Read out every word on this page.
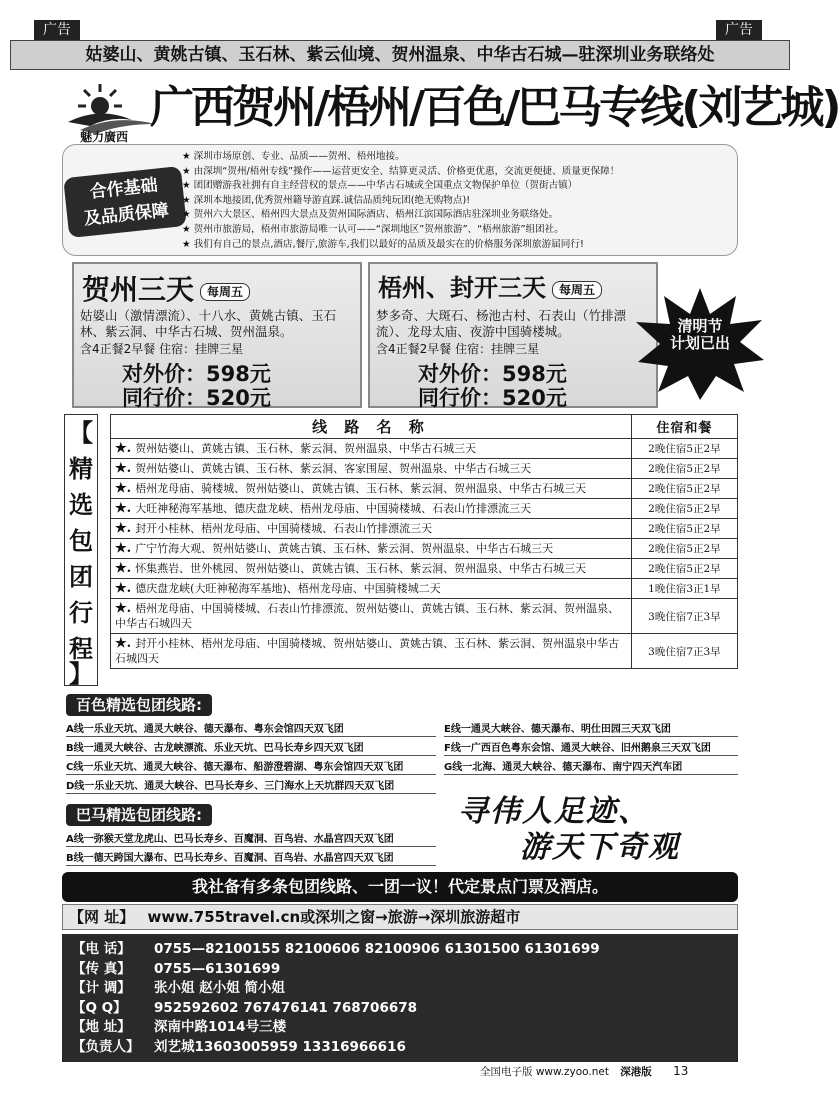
广告	广告
姑婆山、黄姚古镇、玉石林、紫云仙境、贺州温泉、中华古石城—驻深圳业务联络处
魅力廣西
广西贺州/梧州/百色/巴马专线(刘艺城)
合作基础
及品质保障
★ 深圳市场原创、专业、品质——贺州、梧州地接。
★ 由深圳“贺州/梧州专线”操作——运营更安全、结算更灵活、价格更优惠，交流更便捷、质量更保障！
★ 团团赠游我社拥有自主经营权的景点——中华古石城或全国重点文物保护单位（贺街古镇）
★ 深圳本地接团,优秀贺州籍导游直踩.诚信品质纯玩团(绝无购物点)!
★ 贺州六大景区、梧州四大景点及贺州国际酒店、梧州江滨国际酒店驻深圳业务联络处。
★ 贺州市旅游局，梧州市旅游局唯一认可——“深圳地区”贺州旅游”、“梧州旅游”组团社。
★ 我们有自己的景点,酒店,餐厅,旅游车,我们以最好的品质及最实在的价格服务深圳旅游届同行!
贺州三天 每周五
姑婆山（激情漂流）、十八水、黄姚古镇、玉石林、紫云洞、中华古石城、贺州温泉。
含4正餐2早餐 住宿：挂牌三星
对外价：598元
同行价：520元
梧州、封开三天 每周五
梦多奇、大斑石、杨池古村、石表山（竹排漂流）、龙母太庙、夜游中国骑楼城。
含4正餐2早餐 住宿：挂牌三星
对外价：598元
同行价：520元
清明节
计划已出
【
精
选
包
团
行
程
】
线 路 名 称	住宿和餐
★. 贺州姑婆山、黄姚古镇、玉石林、紫云洞、贺州温泉、中华古石城三天	2晚住宿5正2早
★. 贺州姑婆山、黄姚古镇、玉石林、紫云洞、客家围屋、贺州温泉、中华古石城三天	2晚住宿5正2早
★. 梧州龙母庙、骑楼城、贺州姑婆山、黄姚古镇、玉石林、紫云洞、贺州温泉、中华古石城三天	2晚住宿5正2早
★. 大旺神秘海军基地、德庆盘龙峡、梧州龙母庙、中国骑楼城、石表山竹排漂流三天	2晚住宿5正2早
★. 封开小桂林、梧州龙母庙、中国骑楼城、石表山竹排漂流三天	2晚住宿5正2早
★. 广宁竹海大观、贺州姑婆山、黄姚古镇、玉石林、紫云洞、贺州温泉、中华古石城三天	2晚住宿5正2早
★. 怀集燕岩、世外桃园、贺州姑婆山、黄姚古镇、玉石林、紫云洞、贺州温泉、中华古石城三天	2晚住宿5正2早
★. 德庆盘龙峡(大旺神秘海军基地)、梧州龙母庙、中国骑楼城二天	1晚住宿3正1早
★. 梧州龙母庙、中国骑楼城、石表山竹排漂流、贺州姑婆山、黄姚古镇、玉石林、紫云洞、贺州温泉、中华古石城四天	3晚住宿7正3早
★. 封开小桂林、梧州龙母庙、中国骑楼城、贺州姑婆山、黄姚古镇、玉石林、紫云洞、贺州温泉中华古石城四天	3晚住宿7正3早
百色精选包团线路:
A线一乐业天坑、通灵大峡谷、德天瀑布、粤东会馆四天双飞团
B线一通灵大峡谷、古龙峡漂流、乐业天坑、巴马长寿乡四天双飞团
C线一乐业天坑、通灵大峡谷、德天瀑布、船游澄碧湖、粤东会馆四天双飞团
D线一乐业天坑、通灵大峡谷、巴马长寿乡、三门海水上天坑群四天双飞团
E线一通灵大峡谷、德天瀑布、明仕田园三天双飞团
F线一广西百色粤东会馆、通灵大峡谷、旧州鹅泉三天双飞团
G线一北海、通灵大峡谷、德天瀑布、南宁四天汽车团
巴马精选包团线路:
A线一弥猴天堂龙虎山、巴马长寿乡、百魔洞、百鸟岩、水晶宫四天双飞团
B线一德天跨国大瀑布、巴马长寿乡、百魔洞、百鸟岩、水晶宫四天双飞团
寻伟人足迹、
游天下奇观
我社备有多条包团线路、一团一议！代定景点门票及酒店。
【网 址】 www.755travel.cn或深圳之窗→旅游→深圳旅游超市
【电 话】 0755—82100155 82100606 82100906 61301500 61301699
【传 真】 0755—61301699
【计 调】 张小姐 赵小姐 简小姐
【Q Q】 952592602 767476141 768706678
【地 址】 深南中路1014号三楼
【负责人】 刘艺城13603005959 13316966616
全国电子版 www.zyoo.net 深港版 13
